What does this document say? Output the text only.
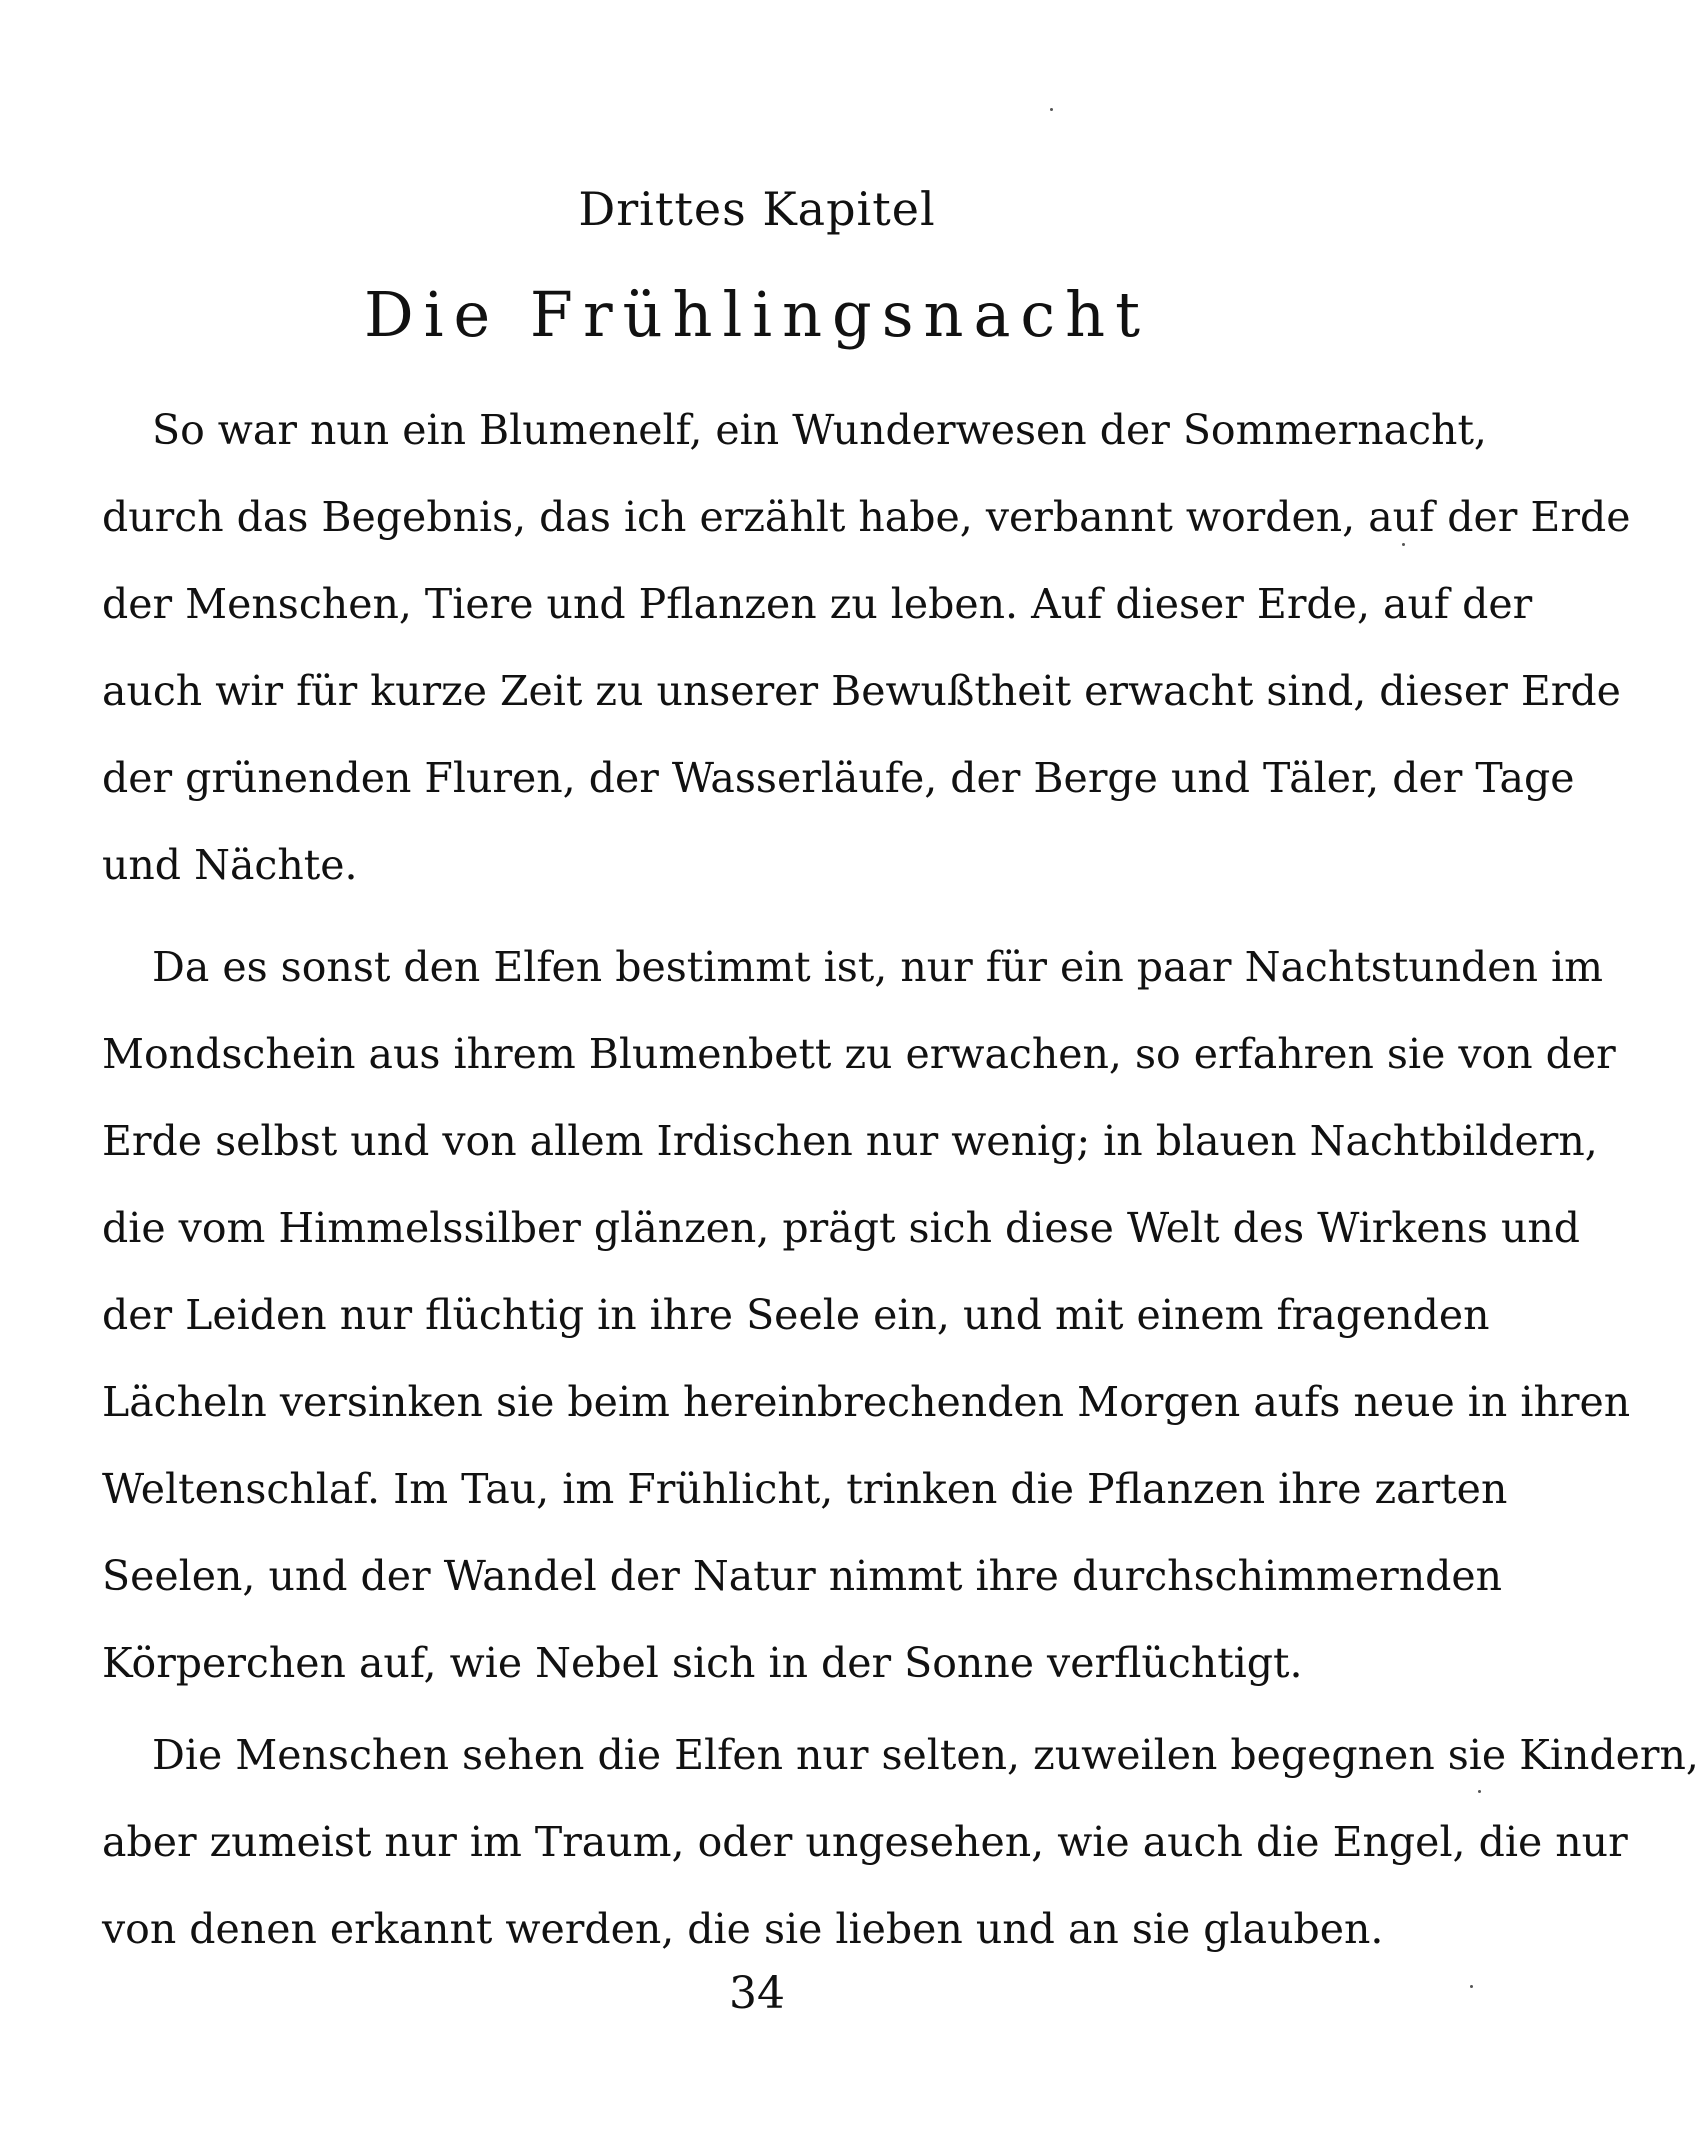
Drittes Kapitel
Die Frühlingsnacht
So war nun ein Blumenelf, ein Wunderwesen der Sommernacht,
durch das Begebnis, das ich erzählt habe, verbannt worden, auf der Erde
der Menschen, Tiere und Pflanzen zu leben. Auf dieser Erde, auf der
auch wir für kurze Zeit zu unserer Bewußtheit erwacht sind, dieser Erde
der grünenden Fluren, der Wasserläufe, der Berge und Täler, der Tage
und Nächte.
Da es sonst den Elfen bestimmt ist, nur für ein paar Nachtstunden im
Mondschein aus ihrem Blumenbett zu erwachen, so erfahren sie von der
Erde selbst und von allem Irdischen nur wenig; in blauen Nachtbildern,
die vom Himmelssilber glänzen, prägt sich diese Welt des Wirkens und
der Leiden nur flüchtig in ihre Seele ein, und mit einem fragenden
Lächeln versinken sie beim hereinbrechenden Morgen aufs neue in ihren
Weltenschlaf. Im Tau, im Frühlicht, trinken die Pflanzen ihre zarten
Seelen, und der Wandel der Natur nimmt ihre durchschimmernden
Körperchen auf, wie Nebel sich in der Sonne verflüchtigt.
Die Menschen sehen die Elfen nur selten, zuweilen begegnen sie Kindern,
aber zumeist nur im Traum, oder ungesehen, wie auch die Engel, die nur
von denen erkannt werden, die sie lieben und an sie glauben.
34
